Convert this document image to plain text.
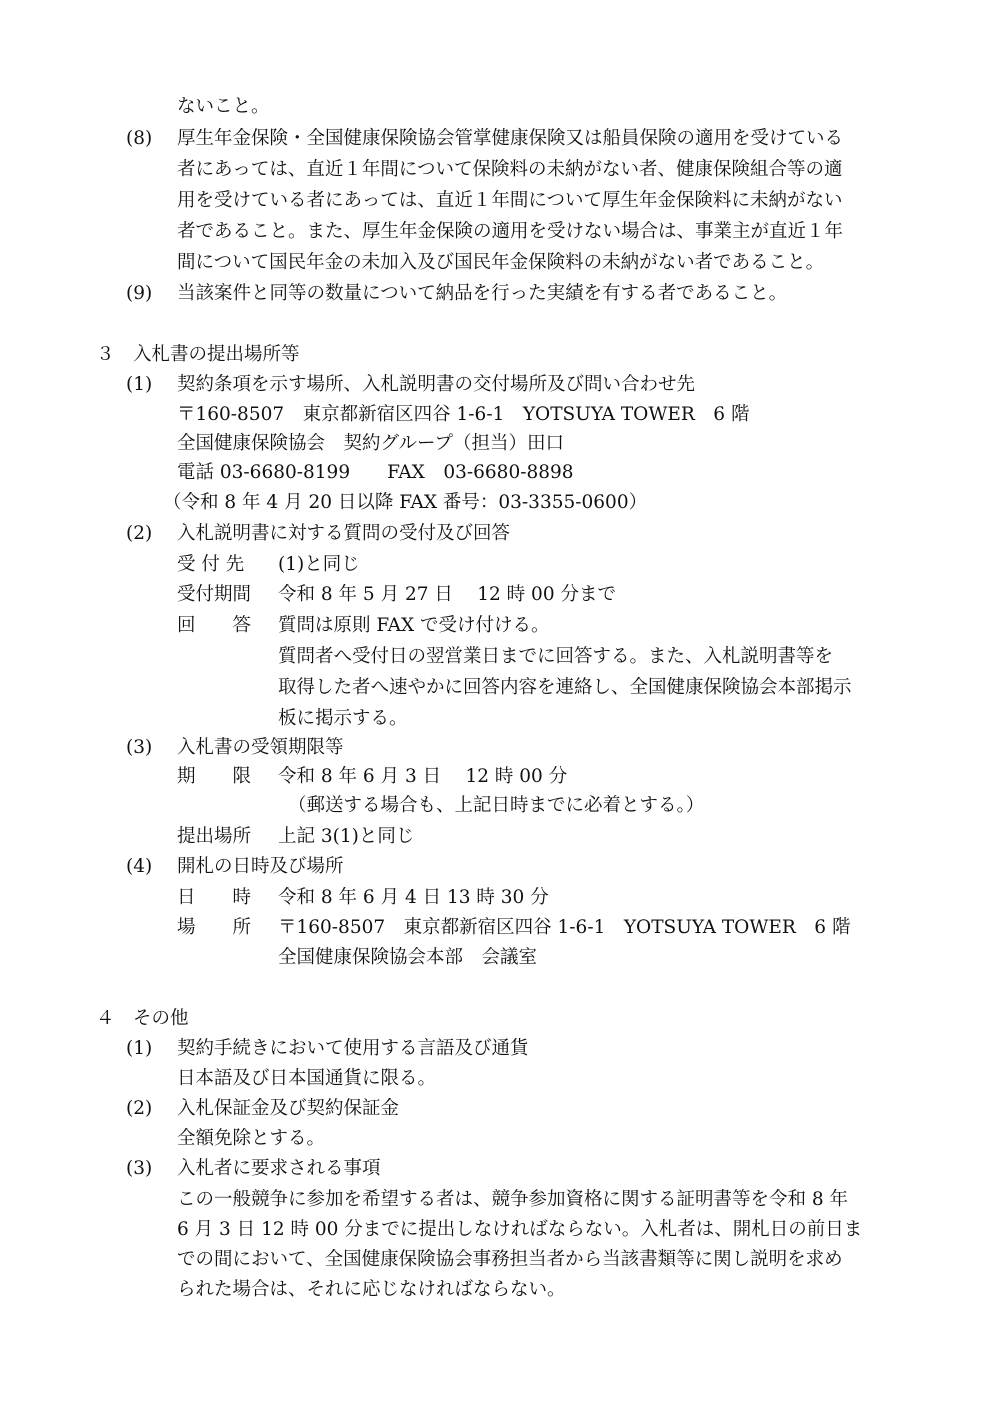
ないこと。
(8) 厚生年金保険・全国健康保険協会管掌健康保険又は船員保険の適用を受けている
者にあっては、直近１年間について保険料の未納がない者、健康保険組合等の適
用を受けている者にあっては、直近１年間について厚生年金保険料に未納がない
者であること。また、厚生年金保険の適用を受けない場合は、事業主が直近１年
間について国民年金の未加入及び国民年金保険料の未納がない者であること。
(9) 当該案件と同等の数量について納品を行った実績を有する者であること。
３　入札書の提出場所等
(1) 契約条項を示す場所、入札説明書の交付場所及び問い合わせ先
〒160-8507　東京都新宿区四谷 1-6-1　YOTSUYA TOWER　6 階
全国健康保険協会　契約グループ（担当）田口
電話 03-6680-8199　　FAX　03-6680-8898
（令和 8 年 4 月 20 日以降 FAX 番号：03-3355-0600）
(2) 入札説明書に対する質問の受付及び回答
受 付 先 (1)と同じ
受付期間 令和 8 年 5 月 27 日　 12 時 00 分まで
回　　答 質問は原則 FAX で受け付ける。
質問者へ受付日の翌営業日までに回答する。また、入札説明書等を
取得した者へ速やかに回答内容を連絡し、全国健康保険協会本部掲示
板に掲示する。
(3) 入札書の受領期限等
期　　限 令和 8 年 6 月 3 日　 12 時 00 分
（郵送する場合も、上記日時までに必着とする。）
提出場所 上記 3(1)と同じ
(4) 開札の日時及び場所
日　　時 令和 8 年 6 月 4 日 13 時 30 分
場　　所 〒160-8507　東京都新宿区四谷 1-6-1　YOTSUYA TOWER　6 階
全国健康保険協会本部　会議室
４　その他
(1) 契約手続きにおいて使用する言語及び通貨
日本語及び日本国通貨に限る。
(2) 入札保証金及び契約保証金
全額免除とする。
(3) 入札者に要求される事項
この一般競争に参加を希望する者は、競争参加資格に関する証明書等を令和 8 年
6 月 3 日 12 時 00 分までに提出しなければならない。入札者は、開札日の前日ま
での間において、全国健康保険協会事務担当者から当該書類等に関し説明を求め
られた場合は、それに応じなければならない。
